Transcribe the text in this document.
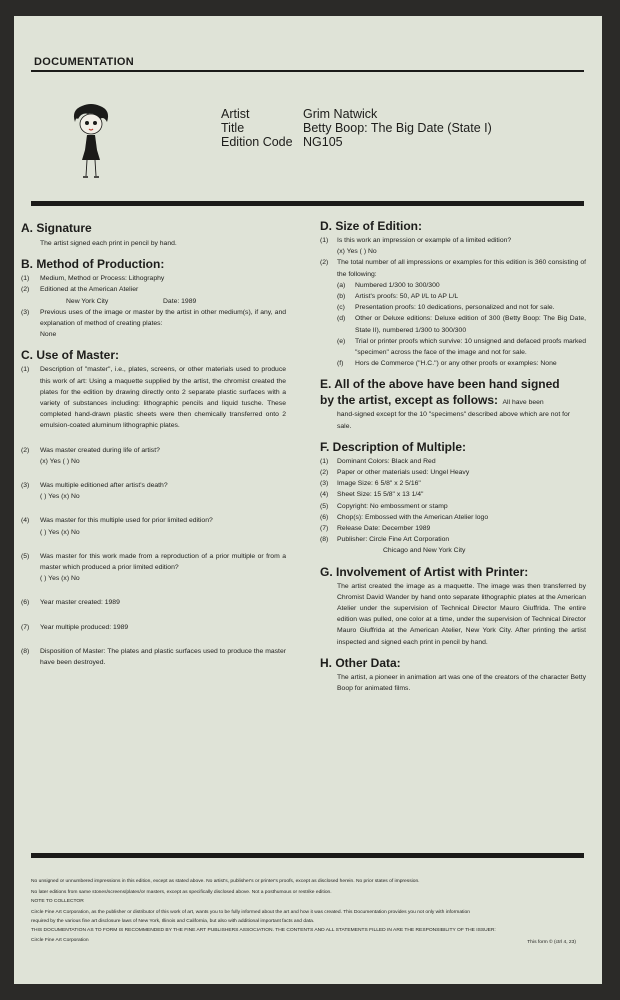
DOCUMENTATION
Artist
Title
Edition Code
Grim Natwick
Betty Boop: The Big Date (State I)
NG105
A. Signature
The artist signed each print in pencil by hand.
B. Method of Production:
(1) Medium, Method or Process: Lithography
(2) Editioned at the American Atelier
New York City	Date: 1989
(3) Previous uses of the image or master by the artist in other medium(s), if any, and explanation of method of creating plates:
None
C. Use of Master:
(1) Description of "master", i.e., plates, screens, or other materials used to produce this work of art: Using a maquette supplied by the artist, the chromist created the plates for the edition by drawing directly onto 2 separate plastic surfaces with a variety of substances including: lithographic pencils and liquid tusche. These completed hand-drawn plastic sheets were then chemically transferred onto 2 emulsion-coated aluminum lithographic plates.
(2) Was master created during life of artist?
(x) Yes ( ) No
(3) Was multiple editioned after artist's death?
( ) Yes (x) No
(4) Was master for this multiple used for prior limited edition?
( ) Yes (x) No
(5) Was master for this work made from a reproduction of a prior multiple or from a master which produced a prior limited edition?
( ) Yes (x) No
(6) Year master created: 1989
(7) Year multiple produced: 1989
(8) Disposition of Master: The plates and plastic surfaces used to produce the master have been destroyed.
D. Size of Edition:
(1) Is this work an impression or example of a limited edition?
(x) Yes ( ) No
(2) The total number of all impressions or examples for this edition is 360 consisting of the following:
(a) Numbered 1/300 to 300/300
(b) Artist's proofs: 50, AP I/L to AP L/L
(c) Presentation proofs: 10 dedications, personalized and not for sale.
(d) Other or Deluxe editions: Deluxe edition of 300 (Betty Boop: The Big Date, State II), numbered 1/300 to 300/300
(e) Trial or printer proofs which survive: 10 unsigned and defaced proofs marked "specimen" across the face of the image and not for sale.
(f) Hors de Commerce ("H.C.") or any other proofs or examples: None
E. All of the above have been hand signed
by the artist, except as follows: All have been
hand-signed except for the 10 "specimens" described above which are not for sale.
F. Description of Multiple:
(1) Dominant Colors: Black and Red
(2) Paper or other materials used: Ungel Heavy
(3) Image Size: 6 5/8" x 2 5/16"
(4) Sheet Size: 15 5/8" x 13 1/4"
(5) Copyright: No embossment or stamp
(6) Chop(s): Embossed with the American Atelier logo
(7) Release Date: December 1989
(8) Publisher: Circle Fine Art Corporation
Chicago and New York City
G. Involvement of Artist with Printer:
The artist created the image as a maquette. The image was then transferred by Chromist David Wander by hand onto separate lithographic plates at the American Atelier under the supervision of Technical Director Mauro Giuffrida. The entire edition was pulled, one color at a time, under the supervision of Technical Director Mauro Giuffrida at the American Atelier, New York City. After printing the artist inspected and signed each print in pencil by hand.
H. Other Data:
The artist, a pioneer in animation art was one of the creators of the character Betty Boop for animated films.
No unsigned or unnumbered impressions in this edition, except as stated above. No artist's, publisher's or printer's proofs, except as disclosed herein. No prior states of impression.
No later editions from same stones/screens/plates/or masters, except as specifically disclosed above. Not a posthumous or restrike edition.
NOTE TO COLLECTOR
Circle Fine Art Corporation, as the publisher or distributor of this work of art, wants you to be fully informed about the art and how it was created. This Documentation provides you not only with information
required by the various fine art disclosure laws of New York, Illinois and California, but also with additional important facts and data.
THIS DOCUMENTATION AS TO FORM IS RECOMMENDED BY THE FINE ART PUBLISHERS ASSOCIATION. THE CONTENTS AND ALL STATEMENTS FILLED IN ARE THE RESPONSIBILITY OF THE ISSUER:
Circle Fine Art Corporation	This form © (ctrl 4, 23)
